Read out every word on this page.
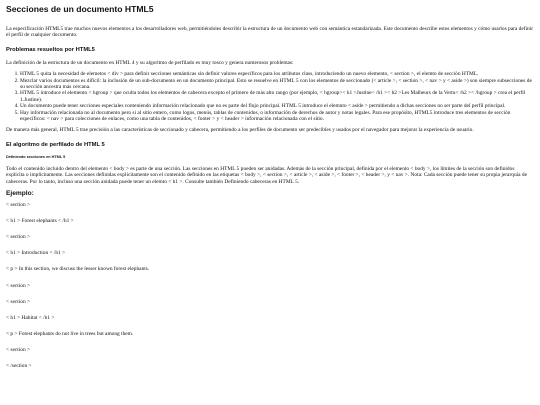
Secciones de un documento HTML5

La especificación HTML5 trae muchos nuevos elementos a los desarrolladores web, permitiéndoles describir la estructura de un documento web con semántica estandarizada. Este documento describe estos elementos y cómo usarlos para definir el perfil de cualquier documento.

Problemas resueltos por HTML5

La definición de la estructura de un documento en HTML 4 y su algoritmo de perfilado es muy tosco y genera numerosos problemas:

1. HTML 5 quita la necesidad de elemetos < div > para definir secciones semánticas sin definir valores específicos para los atributos class, introduciendo un nuevo elemento, < section >, el elemto de sección HTML.
2. Mezclar varios documentos es difícil: la inclusión de un sub-documento en un documento principal. Esto se resuelve en HTML 5 con los elementos de seccionado (< article >, < section >, < nav > y < aside >) son siempre subsecciones de su sección ancestra más cercana.
3. HTML 5 introduce el elemento < hgroup > que oculta todos los elementos de cabecera excepto el primero de más alto rango (por ejemplo, < hgroup>< h1 >Justine< /h1 >< h2 >Les Malheurs de la Vertu< /h2 >< /hgroup > crea el perfil 1.Justine).
4. Un documento puede tener secciones especiales conteniendo información relacionado que no es parte del flujo principal. HTML 5 introduce el elemnto < aside > permitiendo a dichas secciones no ser parte del perfil principal.
5. Hay información relacionada no al documento pero si al sitio entero, como logos, menús, tablas de contenidos, o información de derechos de autor y notas legales. Para ese propósito, HTML5 introduce tres elementos de sección específicos: < nav > para colecciones de enlaces, como una tabla de contenidos, < footer > y < header > información relacionada con el sitio.

De manera más general, HTML 5 trae precisión a las características de seccionado y cabecera, permitiendo a los perfiles de documento ser predecibles y usados por el navegador para mejorar la experiencia de usuario.

El algoritmo de perfilado de HTML 5
Definiendo secciones en HTML 5

Todo el contenido incluido dentro del elemento < body > es parte de una sección. Las secciones en HTML 5 pueden ser anidadas. Además de la sección principal, definida por el elemento < body >, los límites de la sección son definidos explícita o implícitamente. Las secciones definidas explícitamente son el contenido definido en las etiquetas < body >, < section >, < article >, < aside >, < footer >, < header >, y < nav >. Nota: Cada sección puede tener su propia jerarquía de cabeceras. Por lo tanto, incluso una sección anidada puede tener un elemto < h1 >. Consulte también Definiendo cabeceras en HTML 5.

Ejemplo:

< section >

< h1 > Forest elephants < /h1 >

< section >

< h1 > Introduction < /h1 >

< p > In this section, we discuss the lesser known forest elephants.

< section >

< section >

< h1 > Habitat < /h1 >

< p > Forest elephants do not live in trees but among them.

< section >

< /section >
